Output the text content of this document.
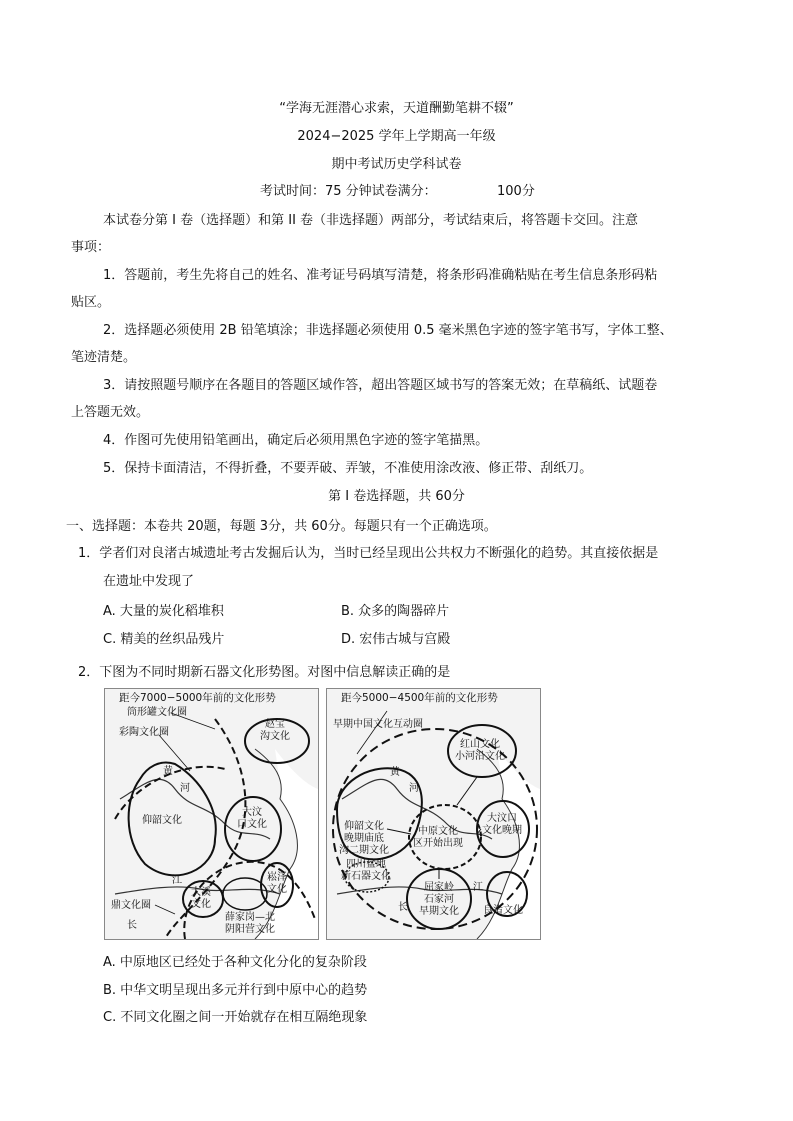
“学海无涯潜心求索，天道酬勤笔耕不辍”
2024−2025 学年上学期高一年级
期中考试历史学科试卷
考试时间：75 分钟试卷满分：	100分
本试卷分第 I 卷（选择题）和第 II 卷（非选择题）两部分，考试结束后，将答题卡交回。注意
事项：
1．答题前，考生先将自己的姓名、准考证号码填写清楚，将条形码准确粘贴在考生信息条形码粘
贴区。
2．选择题必须使用 2B 铅笔填涂；非选择题必须使用 0.5 毫米黑色字迹的签字笔书写，字体工整、
笔迹清楚。
3．请按照题号顺序在各题目的答题区域作答，超出答题区域书写的答案无效；在草稿纸、试题卷
上答题无效。
4．作图可先使用铅笔画出，确定后必须用黑色字迹的签字笔描黑。
5．保持卡面清洁，不得折叠，不要弄破、弄皱，不准使用涂改液、修正带、刮纸刀。
第 I 卷选择题，共 60分
一、选择题：本卷共 20题，每题 3分，共 60分。每题只有一个正确选项。
1．学者们对良渚古城遗址考古发掘后认为，当时已经呈现出公共权力不断强化的趋势。其直接依据是
在遗址中发现了
A. 大量的炭化稻堆积	B. 众多的陶器碎片
C. 精美的丝织品残片	D. 宏伟古城与宫殿
2．下图为不同时期新石器文化形势图。对图中信息解读正确的是
距今7000−5000年前的文化形势
筒形罐文化圈
彩陶文化圈
赵宝
沟文化
黄
河
仰韶文化
大汶
口文化
江
大溪
文化
崧泽
文化
鼎文化圈
长
薛家岗—北
阴阳营文化
距今5000−4500年前的文化形势
早期中国文化互动圈
红山文化
小河沿文化
黄
河
大汶口
文化晚期
仰韶文化
晚期庙底
沟二期文化
中原文化
区开始出现
四川盆地
新石器文化
屈家岭
石家河
早期文化
江
长	良渚文化
A. 中原地区已经处于各种文化分化的复杂阶段
B. 中华文明呈现出多元并行到中原中心的趋势
C. 不同文化圈之间一开始就存在相互隔绝现象
